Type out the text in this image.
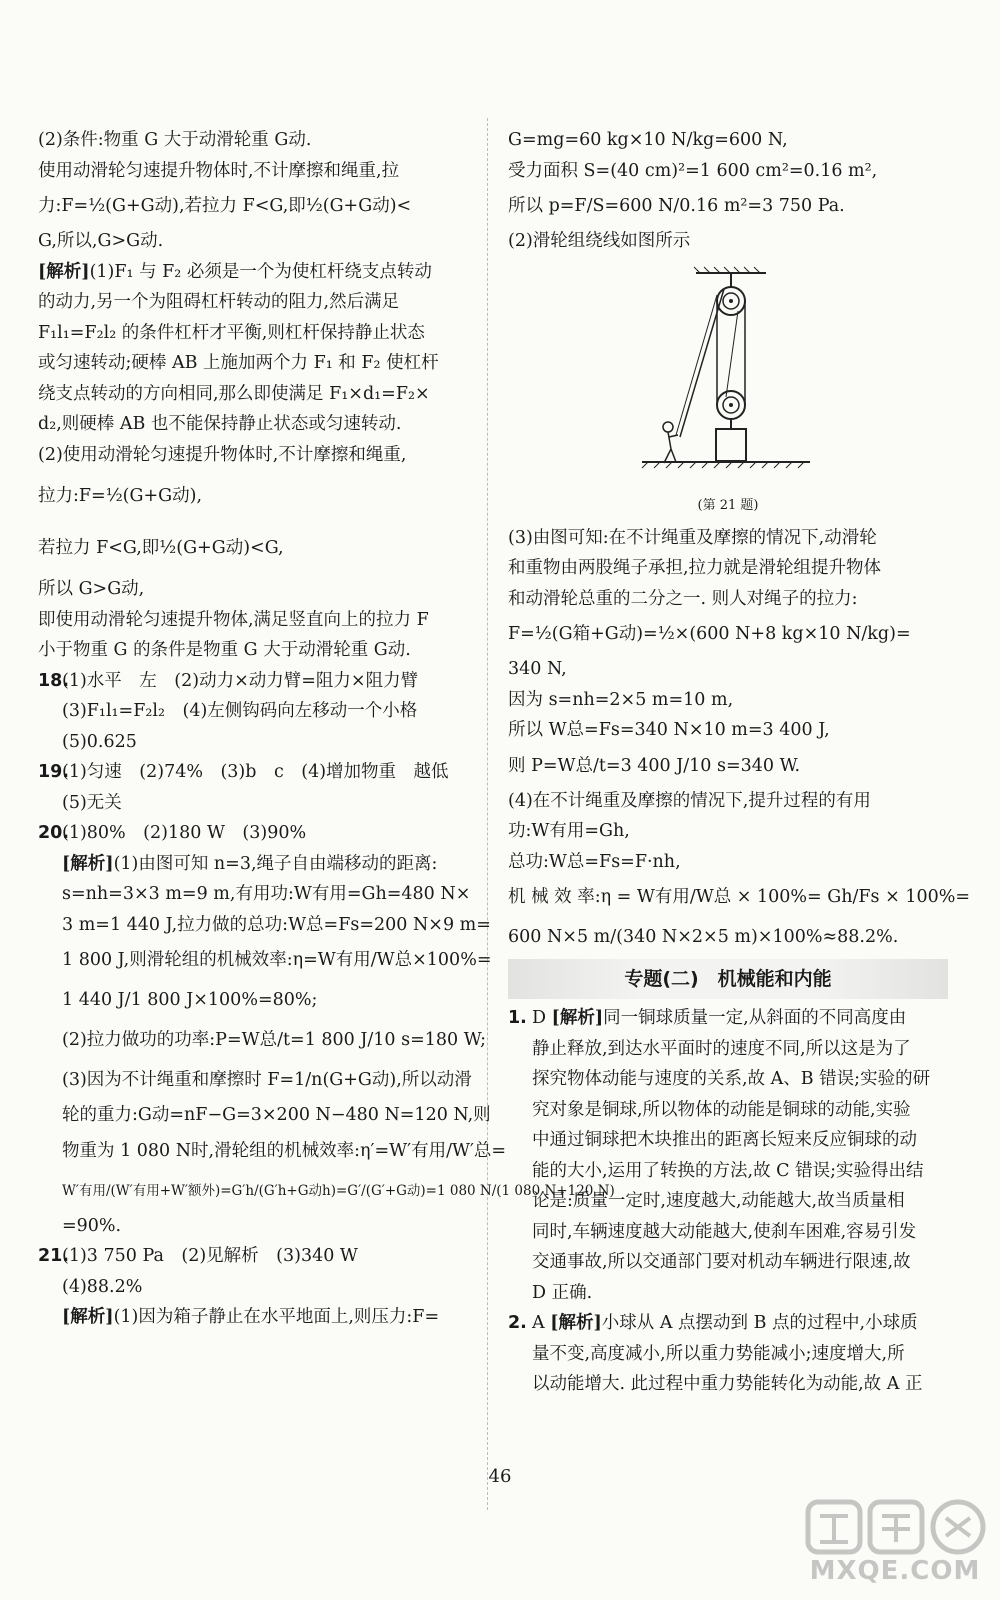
(2)条件:物重 G 大于动滑轮重 G动.
使用动滑轮匀速提升物体时,不计摩擦和绳重,拉
力:F=½(G+G动),若拉力 F<G,即½(G+G动)<
G,所以,G>G动.
[解析](1)F₁ 与 F₂ 必须是一个为使杠杆绕支点转动
的动力,另一个为阻碍杠杆转动的阻力,然后满足
F₁l₁=F₂l₂ 的条件杠杆才平衡,则杠杆保持静止状态
或匀速转动;硬棒 AB 上施加两个力 F₁ 和 F₂ 使杠杆
绕支点转动的方向相同,那么即使满足 F₁×d₁=F₂×
d₂,则硬棒 AB 也不能保持静止状态或匀速转动.
(2)使用动滑轮匀速提升物体时,不计摩擦和绳重,
拉力:F=½(G+G动),
若拉力 F<G,即½(G+G动)<G,
所以 G>G动,
即使用动滑轮匀速提升物体,满足竖直向上的拉力 F
小于物重 G 的条件是物重 G 大于动滑轮重 G动.
18.(1)水平　左　(2)动力×动力臂=阻力×阻力臂
(3)F₁l₁=F₂l₂　(4)左侧钩码向左移动一个小格
(5)0.625
19.(1)匀速　(2)74%　(3)b　c　(4)增加物重　越低
(5)无关
20.(1)80%　(2)180 W　(3)90%
[解析](1)由图可知 n=3,绳子自由端移动的距离:
s=nh=3×3 m=9 m,有用功:W有用=Gh=480 N×
3 m=1 440 J,拉力做的总功:W总=Fs=200 N×9 m=
1 800 J,则滑轮组的机械效率:η=W有用/W总×100%=
1 440 J/1 800 J×100%=80%;
(2)拉力做功的功率:P=W总/t=1 800 J/10 s=180 W;
(3)因为不计绳重和摩擦时 F=1/n(G+G动),所以动滑
轮的重力:G动=nF−G=3×200 N−480 N=120 N,则
物重为 1 080 N时,滑轮组的机械效率:η′=W′有用/W′总=
W′有用/(W′有用+W′额外)=G′h/(G′h+G动h)=G′/(G′+G动)=1 080 N/(1 080 N+120 N)
=90%.
21.(1)3 750 Pa　(2)见解析　(3)340 W
(4)88.2%
[解析](1)因为箱子静止在水平地面上,则压力:F=
G=mg=60 kg×10 N/kg=600 N,
受力面积 S=(40 cm)²=1 600 cm²=0.16 m²,
所以 p=F/S=600 N/0.16 m²=3 750 Pa.
(2)滑轮组绕线如图所示
(第 21 题)
(3)由图可知:在不计绳重及摩擦的情况下,动滑轮
和重物由两股绳子承担,拉力就是滑轮组提升物体
和动滑轮总重的二分之一. 则人对绳子的拉力:
F=½(G箱+G动)=½×(600 N+8 kg×10 N/kg)=
340 N,
因为 s=nh=2×5 m=10 m,
所以 W总=Fs=340 N×10 m=3 400 J,
则 P=W总/t=3 400 J/10 s=340 W.
(4)在不计绳重及摩擦的情况下,提升过程的有用
功:W有用=Gh,
总功:W总=Fs=F·nh,
机 械 效 率:η = W有用/W总 × 100%= Gh/Fs × 100%=
600 N×5 m/(340 N×2×5 m)×100%≈88.2%.
专题(二)　机械能和内能
1. D [解析]同一铜球质量一定,从斜面的不同高度由
静止释放,到达水平面时的速度不同,所以这是为了
探究物体动能与速度的关系,故 A、B 错误;实验的研
究对象是铜球,所以物体的动能是铜球的动能,实验
中通过铜球把木块推出的距离长短来反应铜球的动
能的大小,运用了转换的方法,故 C 错误;实验得出结
论是:质量一定时,速度越大,动能越大,故当质量相
同时,车辆速度越大动能越大,使刹车困难,容易引发
交通事故,所以交通部门要对机动车辆进行限速,故
D 正确.
2. A [解析]小球从 A 点摆动到 B 点的过程中,小球质
量不变,高度减小,所以重力势能减小;速度增大,所
以动能增大. 此过程中重力势能转化为动能,故 A 正
46
MXQE.COM
